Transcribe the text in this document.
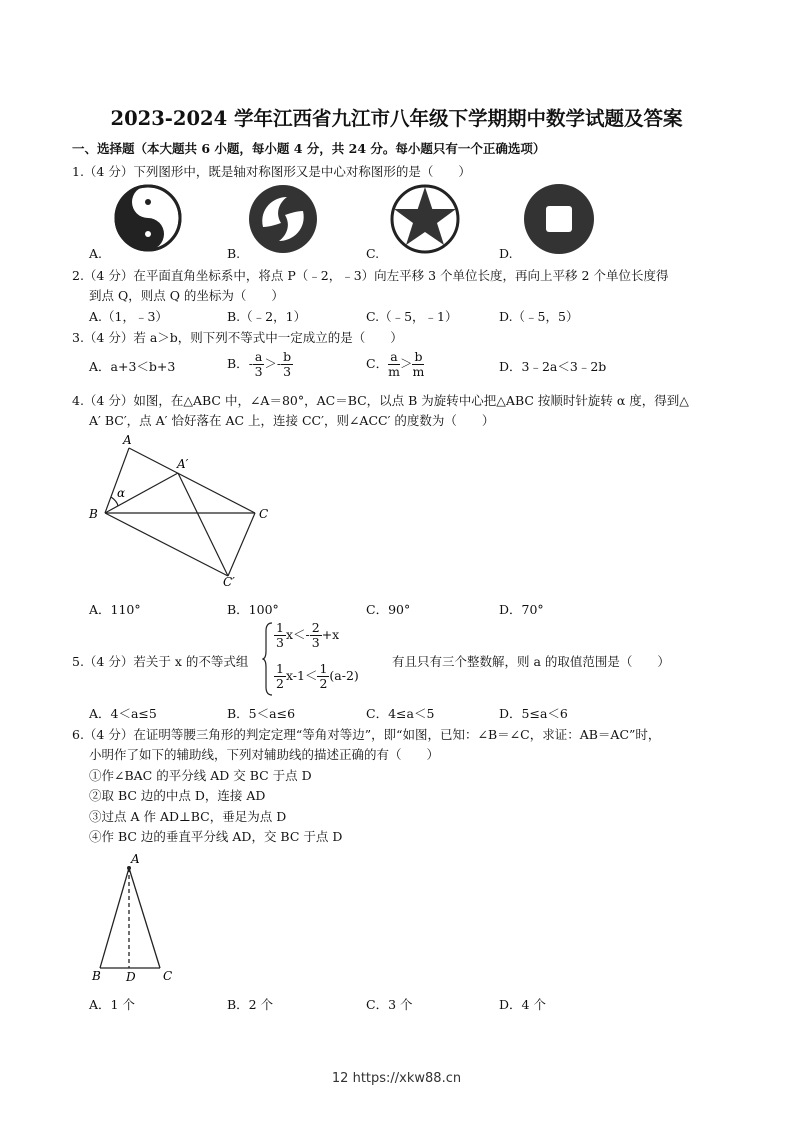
2023-2024 学年江西省九江市八年级下学期期中数学试题及答案
一、选择题（本大题共 6 小题，每小题 4 分，共 24 分。每小题只有一个正确选项）
1.（4 分）下列图形中，既是轴对称图形又是中心对称图形的是（　　）
A.	B.	C.	D.
2.（4 分）在平面直角坐标系中，将点 P（﹣2，﹣3）向左平移 3 个单位长度，再向上平移 2 个单位长度得
到点 Q，则点 Q 的坐标为（　　）
A.（1，﹣3）	B.（﹣2，1）	C.（﹣5，﹣1）	D.（﹣5，5）
3.（4 分）若 a＞b，则下列不等式中一定成立的是（　　）
A．a+3＜b+3	B．- $\frac{a}{3} >- \frac{b}{3}$	C． $\frac{a}{m} > \frac{b}{m}$	D．3﹣2a＜3﹣2b
4.（4 分）如图，在△ABC 中，∠A＝80°，AC＝BC，以点 B 为旋转中心把△ABC 按顺时针旋转 α 度，得到△
A′ BC′，点 A′ 恰好落在 AC 上，连接 CC′，则∠ACC′ 的度数为（　　）
A
A′
B	C
C′
α
A．110°	B．100°	C．90°	D．70°
5.（4 分）若关于 x 的不等式组
$\frac{1}{3} x<- \frac{2}{3} +x$
$\frac{1}{2} x-1< \frac{1}{2} (a-2)$
有且只有三个整数解，则 a 的取值范围是（　　）
A．4＜a≤5	B．5＜a≤6	C．4≤a＜5	D．5≤a＜6
6.（4 分）在证明等腰三角形的判定定理“等角对等边”，即“如图，已知：∠B＝∠C，求证：AB＝AC”时，
小明作了如下的辅助线，下列对辅助线的描述正确的有（　　）
①作∠BAC 的平分线 AD 交 BC 于点 D
②取 BC 边的中点 D，连接 AD
③过点 A 作 AD⊥BC，垂足为点 D
④作 BC 边的垂直平分线 AD，交 BC 于点 D
A
B D C
A．1 个	B．2 个	C．3 个	D．4 个
12 https://xkw88.cn
